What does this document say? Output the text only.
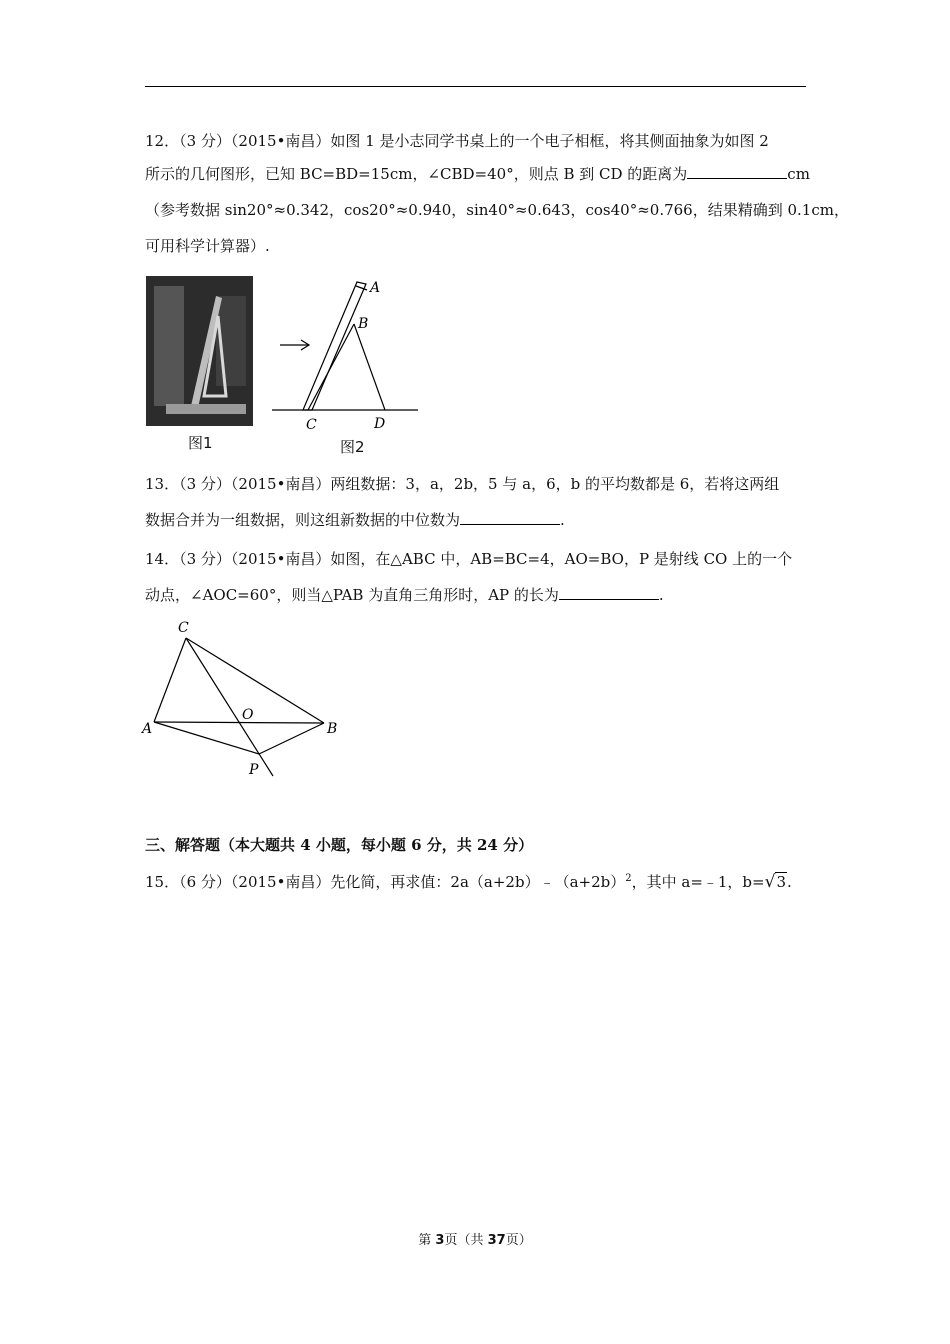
12．（3 分）（2015•南昌）如图 1 是小志同学书桌上的一个电子相框，将其侧面抽象为如图 2
所示的几何图形，已知 BC=BD=15cm，∠CBD=40°，则点 B 到 CD 的距离为	cm
（参考数据 sin20°≈0.342，cos20°≈0.940，sin40°≈0.643，cos40°≈0.766，结果精确到 0.1cm，
可用科学计算器）.
图1
A
B
C	D
图2
13．（3 分）（2015•南昌）两组数据：3，a，2b，5 与 a，6，b 的平均数都是 6，若将这两组
数据合并为一组数据，则这组新数据的中位数为	.
14．（3 分）（2015•南昌）如图，在△ABC 中，AB=BC=4，AO=BO，P 是射线 CO 上的一个
动点，∠AOC=60°，则当△PAB 为直角三角形时，AP 的长为	.
C
A
O
B
P
三、解答题（本大题共 4 小题，每小题 6 分，共 24 分）
15．（6 分）（2015•南昌）先化简，再求值：$2a(a+2b)﹣(a+2b)^2$，其中 a=﹣1，b=√3.
第 3页（共 37页）
